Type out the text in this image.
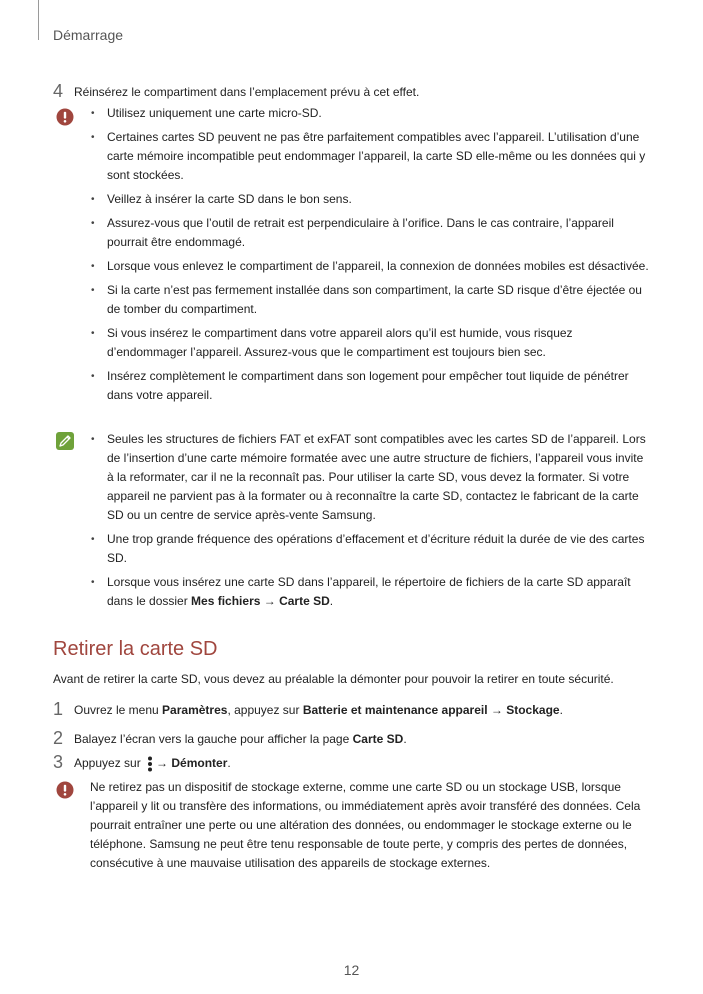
Démarrage
4 Réinsérez le compartiment dans l’emplacement prévu à cet effet.
• Utilisez uniquement une carte micro-SD.
• Certaines cartes SD peuvent ne pas être parfaitement compatibles avec l’appareil. L’utilisation d’une carte mémoire incompatible peut endommager l’appareil, la carte SD elle-même ou les données qui y sont stockées.
• Veillez à insérer la carte SD dans le bon sens.
• Assurez-vous que l’outil de retrait est perpendiculaire à l’orifice. Dans le cas contraire, l’appareil pourrait être endommagé.
• Lorsque vous enlevez le compartiment de l’appareil, la connexion de données mobiles est désactivée.
• Si la carte n’est pas fermement installée dans son compartiment, la carte SD risque d’être éjectée ou de tomber du compartiment.
• Si vous insérez le compartiment dans votre appareil alors qu’il est humide, vous risquez d’endommager l’appareil. Assurez-vous que le compartiment est toujours bien sec.
• Insérez complètement le compartiment dans son logement pour empêcher tout liquide de pénétrer dans votre appareil.
• Seules les structures de fichiers FAT et exFAT sont compatibles avec les cartes SD de l’appareil. Lors de l’insertion d’une carte mémoire formatée avec une autre structure de fichiers, l’appareil vous invite à la reformater, car il ne la reconnaît pas. Pour utiliser la carte SD, vous devez la formater. Si votre appareil ne parvient pas à la formater ou à reconnaître la carte SD, contactez le fabricant de la carte SD ou un centre de service après-vente Samsung.
• Une trop grande fréquence des opérations d’effacement et d’écriture réduit la durée de vie des cartes SD.
• Lorsque vous insérez une carte SD dans l’appareil, le répertoire de fichiers de la carte SD apparaît dans le dossier Mes fichiers → Carte SD.
Retirer la carte SD
Avant de retirer la carte SD, vous devez au préalable la démonter pour pouvoir la retirer en toute sécurité.
1 Ouvrez le menu Paramètres, appuyez sur Batterie et maintenance appareil → Stockage.
2 Balayez l’écran vers la gauche pour afficher la page Carte SD.
3 Appuyez sur → Démonter.
Ne retirez pas un dispositif de stockage externe, comme une carte SD ou un stockage USB, lorsque l’appareil y lit ou transfère des informations, ou immédiatement après avoir transféré des données. Cela pourrait entraîner une perte ou une altération des données, ou endommager le stockage externe ou le téléphone. Samsung ne peut être tenu responsable de toute perte, y compris des pertes de données, consécutive à une mauvaise utilisation des appareils de stockage externes.
12
